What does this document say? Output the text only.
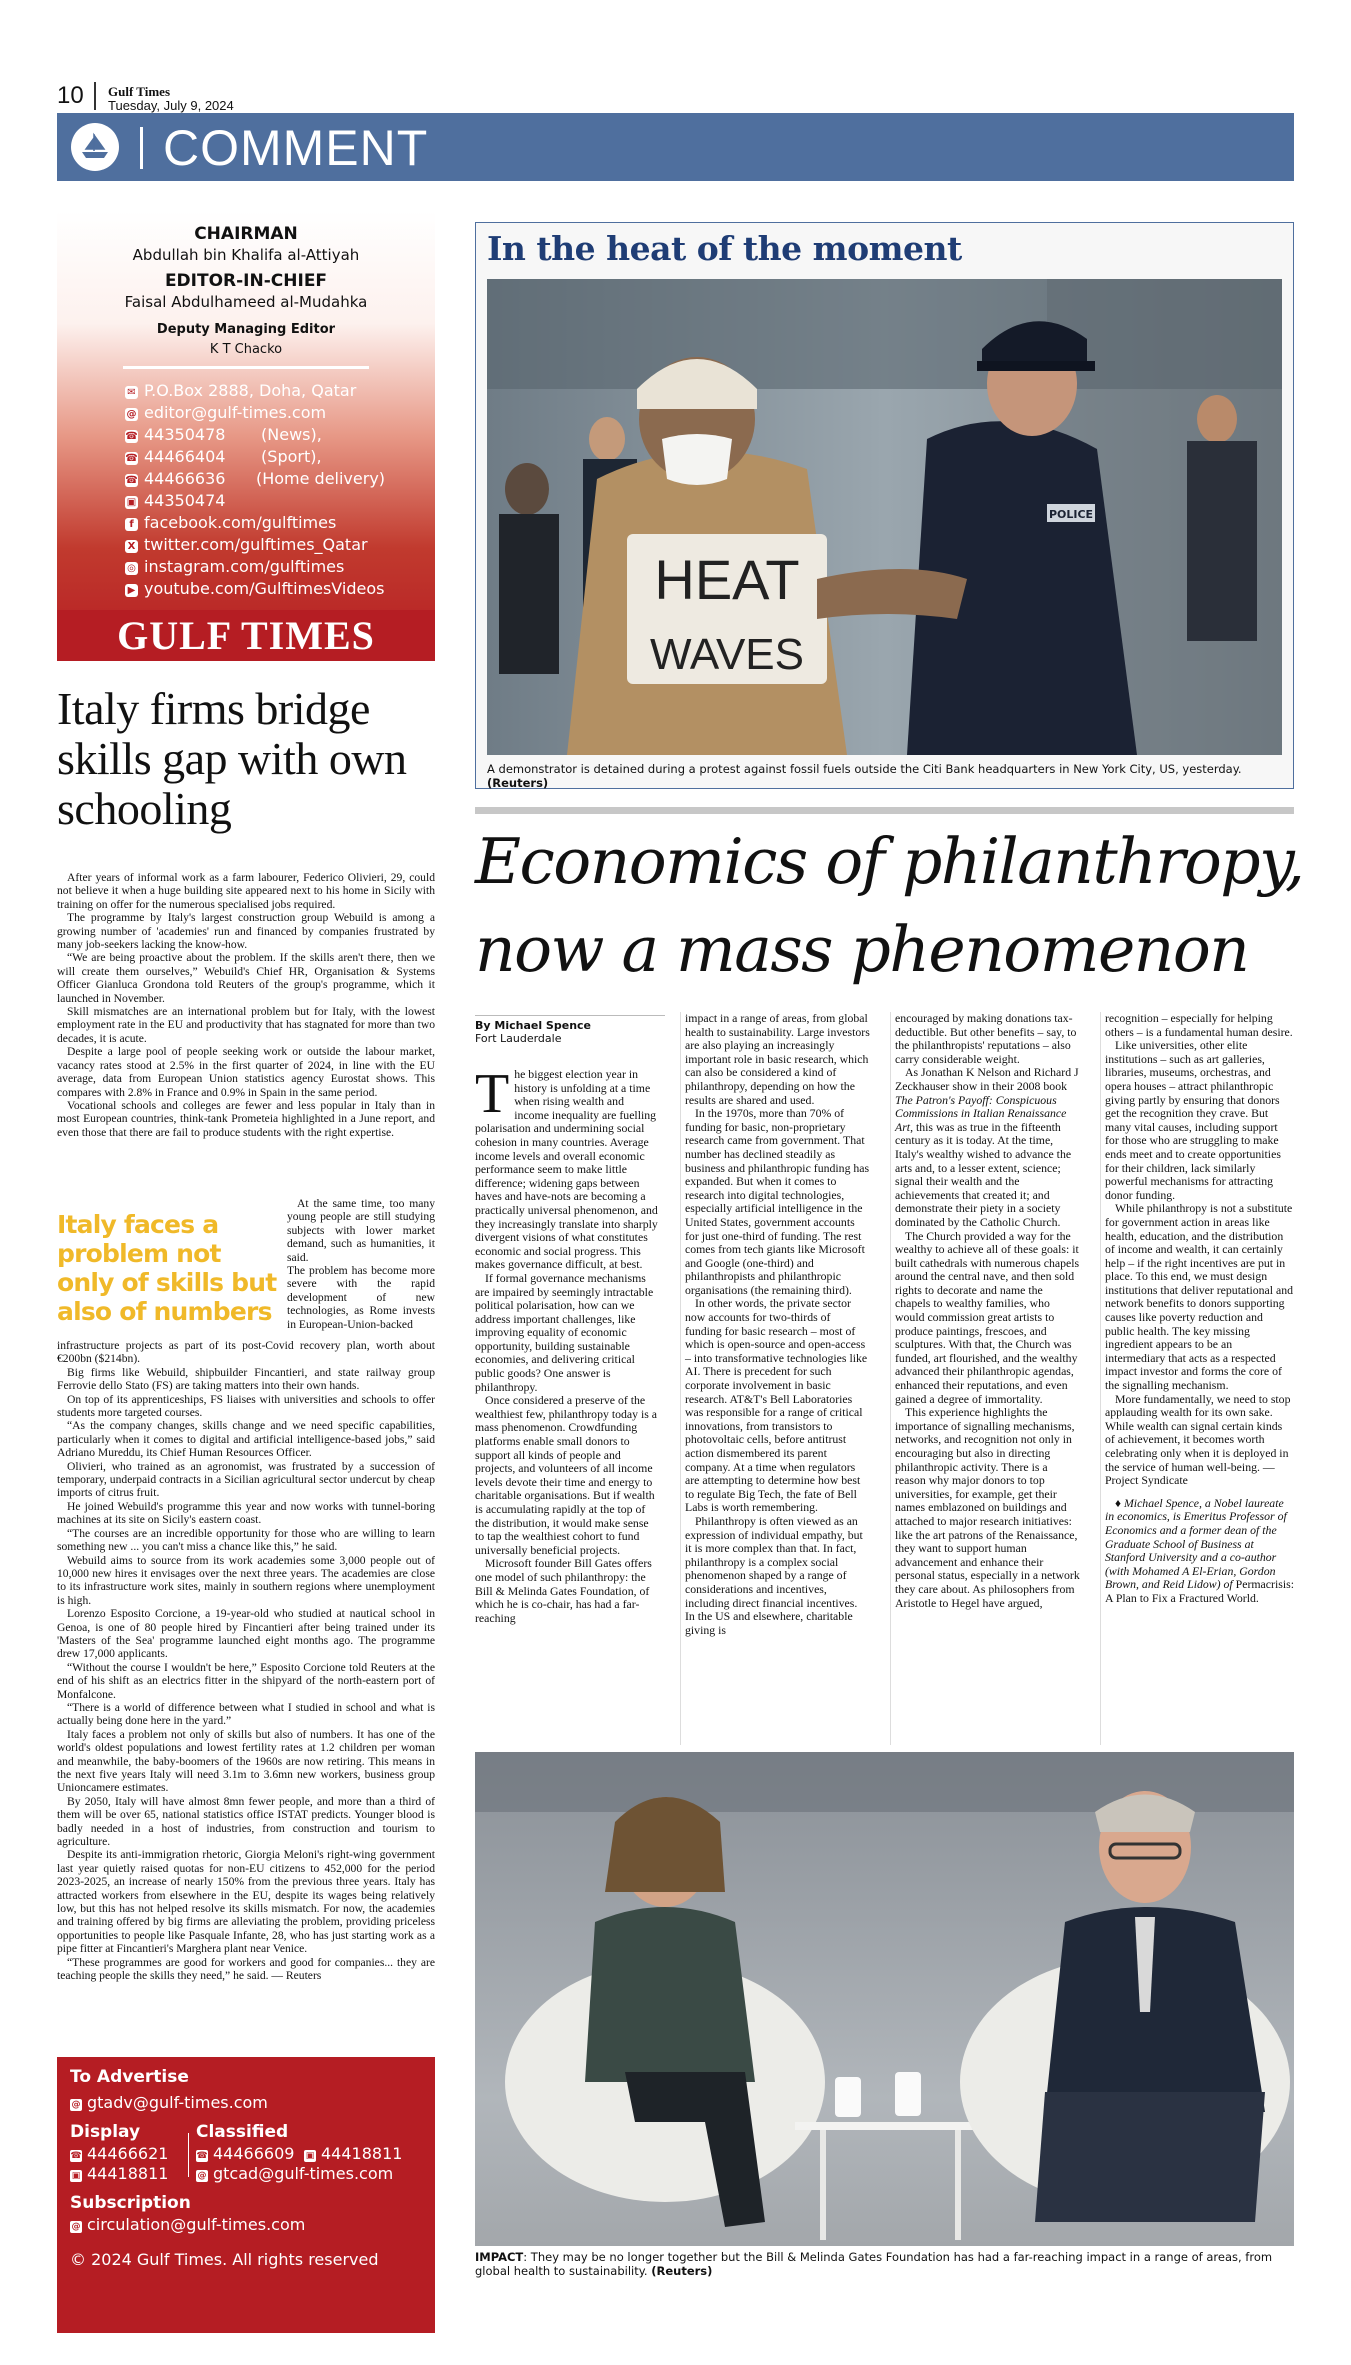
10 Gulf Times
Tuesday, July 9, 2024
COMMENT
CHAIRMAN
Abdullah bin Khalifa al-Attiyah
EDITOR-IN-CHIEF
Faisal Abdulhameed al-Mudahka
Deputy Managing Editor
K T Chacko
✉ P.O.Box 2888, Doha, Qatar
@ editor@gulf-times.com
☎ 44350478       (News),
☎ 44466404       (Sport),
☎ 44466636      (Home delivery)
▣ 44350474
f facebook.com/gulftimes
X twitter.com/gulftimes_Qatar
◎ instagram.com/gulftimes
▶ youtube.com/GulftimesVideos
GULF TIMES
Italy firms bridge skills gap with own schooling

After years of informal work as a farm labourer, Federico Olivieri, 29, could not believe it when a huge building site appeared next to his home in Sicily with training on offer for the numerous specialised jobs required.

The programme by Italy's largest construction group Webuild is among a growing number of 'academies' run and financed by companies frustrated by many job-seekers lacking the know-how.

“We are being proactive about the problem. If the skills aren't there, then we will create them ourselves,” Webuild's Chief HR, Organisation & Systems Officer Gianluca Grondona told Reuters of the group's programme, which it launched in November.

Skill mismatches are an international problem but for Italy, with the lowest employment rate in the EU and productivity that has stagnated for more than two decades, it is acute.

Despite a large pool of people seeking work or outside the labour market, vacancy rates stood at 2.5% in the first quarter of 2024, in line with the EU average, data from European Union statistics agency Eurostat shows. This compares with 2.8% in France and 0.9% in Spain in the same period.

Vocational schools and colleges are fewer and less popular in Italy than in most European countries, think-tank Prometeia highlighted in a June report, and even those that there are fail to produce students with the right expertise.

Italy faces a problem not only of skills but also of numbers
At the same time, too many young people are still studying subjects with lower market demand, such as humanities, it said.
The problem has become more severe with the rapid development of new technologies, as Rome invests in European-Union-backed

infrastructure projects as part of its post-Covid recovery plan, worth about €200bn ($214bn).

Big firms like Webuild, shipbuilder Fincantieri, and state railway group Ferrovie dello Stato (FS) are taking matters into their own hands.

On top of its apprenticeships, FS liaises with universities and schools to offer students more targeted courses.

“As the company changes, skills change and we need specific capabilities, particularly when it comes to digital and artificial intelligence-based jobs,” said Adriano Mureddu, its Chief Human Resources Officer.

Olivieri, who trained as an agronomist, was frustrated by a succession of temporary, underpaid contracts in a Sicilian agricultural sector undercut by cheap imports of citrus fruit.

He joined Webuild's programme this year and now works with tunnel-boring machines at its site on Sicily's eastern coast.

“The courses are an incredible opportunity for those who are willing to learn something new ... you can't miss a chance like this,” he said.

Webuild aims to source from its work academies some 3,000 people out of 10,000 new hires it envisages over the next three years. The academies are close to its infrastructure work sites, mainly in southern regions where unemployment is high.

Lorenzo Esposito Corcione, a 19-year-old who studied at nautical school in Genoa, is one of 80 people hired by Fincantieri after being trained under its 'Masters of the Sea' programme launched eight months ago. The programme drew 17,000 applicants.

“Without the course I wouldn't be here,” Esposito Corcione told Reuters at the end of his shift as an electrics fitter in the shipyard of the north-eastern port of Monfalcone.

“There is a world of difference between what I studied in school and what is actually being done here in the yard.”

Italy faces a problem not only of skills but also of numbers. It has one of the world's oldest populations and lowest fertility rates at 1.2 children per woman and meanwhile, the baby-boomers of the 1960s are now retiring. This means in the next five years Italy will need 3.1m to 3.6mn new workers, business group Unioncamere estimates.

By 2050, Italy will have almost 8mn fewer people, and more than a third of them will be over 65, national statistics office ISTAT predicts. Younger blood is badly needed in a host of industries, from construction and tourism to agriculture.

Despite its anti-immigration rhetoric, Giorgia Meloni's right-wing government last year quietly raised quotas for non-EU citizens to 452,000 for the period 2023-2025, an increase of nearly 150% from the previous three years. Italy has attracted workers from elsewhere in the EU, despite its wages being relatively low, but this has not helped resolve its skills mismatch. For now, the academies and training offered by big firms are alleviating the problem, providing priceless opportunities to people like Pasquale Infante, 28, who has just starting work as a pipe fitter at Fincantieri's Marghera plant near Venice.

“These programmes are good for workers and good for companies... they are teaching people the skills they need,” he said. — Reuters

To Advertise
@ gtadv@gulf-times.com
Display
☎ 44466621
▣ 44418811
Classified
☎ 44466609 ▣ 44418811
@ gtcad@gulf-times.com
Subscription
@ circulation@gulf-times.com
© 2024 Gulf Times. All rights reserved
In the heat of the moment
POLICE
HEAT
WAVES
A demonstrator is detained during a protest against fossil fuels outside the Citi Bank headquarters in New York City, US, yesterday. (Reuters)
Economics of philanthropy,
now a mass phenomenon
By Michael Spence
Fort Lauderdale

The biggest election year in history is unfolding at a time when rising wealth and income inequality are fuelling polarisation and undermining social cohesion in many countries. Average income levels and overall economic performance seem to make little difference; widening gaps between haves and have-nots are becoming a practically universal phenomenon, and they increasingly translate into sharply divergent visions of what constitutes economic and social progress. This makes governance difficult, at best.

If formal governance mechanisms are impaired by seemingly intractable political polarisation, how can we address important challenges, like improving equality of economic opportunity, building sustainable economies, and delivering critical public goods? One answer is philanthropy.

Once considered a preserve of the wealthiest few, philanthropy today is a mass phenomenon. Crowdfunding platforms enable small donors to support all kinds of people and projects, and volunteers of all income levels devote their time and energy to charitable organisations. But if wealth is accumulating rapidly at the top of the distribution, it would make sense to tap the wealthiest cohort to fund universally beneficial projects.

Microsoft founder Bill Gates offers one model of such philanthropy: the Bill & Melinda Gates Foundation, of which he is co-chair, has had a far-reaching

impact in a range of areas, from global health to sustainability. Large investors are also playing an increasingly important role in basic research, which can also be considered a kind of philanthropy, depending on how the results are shared and used.

In the 1970s, more than 70% of funding for basic, non-proprietary research came from government. That number has declined steadily as business and philanthropic funding has expanded. But when it comes to research into digital technologies, especially artificial intelligence in the United States, government accounts for just one-third of funding. The rest comes from tech giants like Microsoft and Google (one-third) and philanthropists and philanthropic organisations (the remaining third).

In other words, the private sector now accounts for two-thirds of funding for basic research – most of which is open-source and open-access – into transformative technologies like AI. There is precedent for such corporate involvement in basic research. AT&T's Bell Laboratories was responsible for a range of critical innovations, from transistors to photovoltaic cells, before antitrust action dismembered its parent company. At a time when regulators are attempting to determine how best to regulate Big Tech, the fate of Bell Labs is worth remembering.

Philanthropy is often viewed as an expression of individual empathy, but it is more complex than that. In fact, philanthropy is a complex social phenomenon shaped by a range of considerations and incentives, including direct financial incentives. In the US and elsewhere, charitable giving is

encouraged by making donations tax-deductible. But other benefits – say, to the philanthropists' reputations – also carry considerable weight.

As Jonathan K Nelson and Richard J Zeckhauser show in their 2008 book The Patron's Payoff: Conspicuous Commissions in Italian Renaissance Art, this was as true in the fifteenth century as it is today. At the time, Italy's wealthy wished to advance the arts and, to a lesser extent, science; signal their wealth and the achievements that created it; and demonstrate their piety in a society dominated by the Catholic Church.

The Church provided a way for the wealthy to achieve all of these goals: it built cathedrals with numerous chapels around the central nave, and then sold rights to decorate and name the chapels to wealthy families, who would commission great artists to produce paintings, frescoes, and sculptures. With that, the Church was funded, art flourished, and the wealthy advanced their philanthropic agendas, enhanced their reputations, and even gained a degree of immortality.

This experience highlights the importance of signalling mechanisms, networks, and recognition not only in encouraging but also in directing philanthropic activity. There is a reason why major donors to top universities, for example, get their names emblazoned on buildings and attached to major research initiatives: like the art patrons of the Renaissance, they want to support human advancement and enhance their personal status, especially in a network they care about. As philosophers from Aristotle to Hegel have argued,

recognition – especially for helping others – is a fundamental human desire.

Like universities, other elite institutions – such as art galleries, libraries, museums, orchestras, and opera houses – attract philanthropic giving partly by ensuring that donors get the recognition they crave. But many vital causes, including support for those who are struggling to make ends meet and to create opportunities for their children, lack similarly powerful mechanisms for attracting donor funding.

While philanthropy is not a substitute for government action in areas like health, education, and the distribution of income and wealth, it can certainly help – if the right incentives are put in place. To this end, we must design institutions that deliver reputational and network benefits to donors supporting causes like poverty reduction and public health. The key missing ingredient appears to be an intermediary that acts as a respected impact investor and forms the core of the signalling mechanism.

More fundamentally, we need to stop applauding wealth for its own sake. While wealth can signal certain kinds of achievement, it becomes worth celebrating only when it is deployed in the service of human well-being. — Project Syndicate

♦ Michael Spence, a Nobel laureate in economics, is Emeritus Professor of Economics and a former dean of the Graduate School of Business at Stanford University and a co-author (with Mohamed A El-Erian, Gordon Brown, and Reid Lidow) of Permacrisis: A Plan to Fix a Fractured World.

IMPACT: They may be no longer together but the Bill & Melinda Gates Foundation has had a far-reaching impact in a range of areas, from global health to sustainability. (Reuters)
